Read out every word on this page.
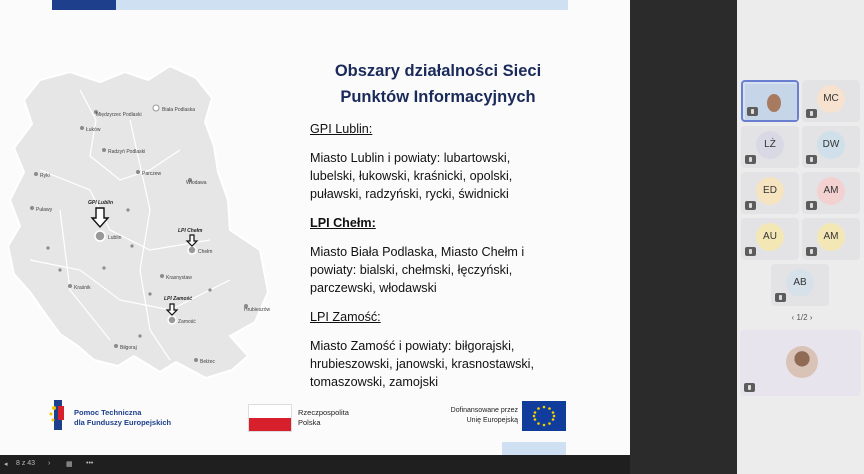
Międzyrzec Podlaski
Biała Podlaska
Łuków
Radzyń Podlaski
Ryki	Parczew
Włodawa
Puławy
Lublin
Chełm
Krasnystaw
Kraśnik
Zamość
Hrubieszów
Biłgoraj
Bełżec
GPI Lublin
LPI Chełm
LPI Zamość
Obszary działalności Sieci
Punktów Informacyjnych
GPI Lublin:
Miasto Lublin i powiaty: lubartowski,
lubelski, łukowski, kraśnicki, opolski,
puławski, radzyński, rycki, świdnicki
LPI Chełm:
Miasto Biała Podlaska, Miasto Chełm i
powiaty: bialski, chełmski, łęczyński,
parczewski, włodawski
LPI Zamość:
Miasto Zamość i powiaty: biłgorajski,
hrubieszowski, janowski, krasnostawski,
tomaszowski, zamojski
Pomoc Techniczna
dla Funduszy Europejskich
Rzeczpospolita
Polska
Dofinansowane przez
Unię Europejską
◂ 8 z 43 › ▦ •••
MC
LŻ	DW
ED	AM
AU	AM
AB
‹ 1/2 ›
